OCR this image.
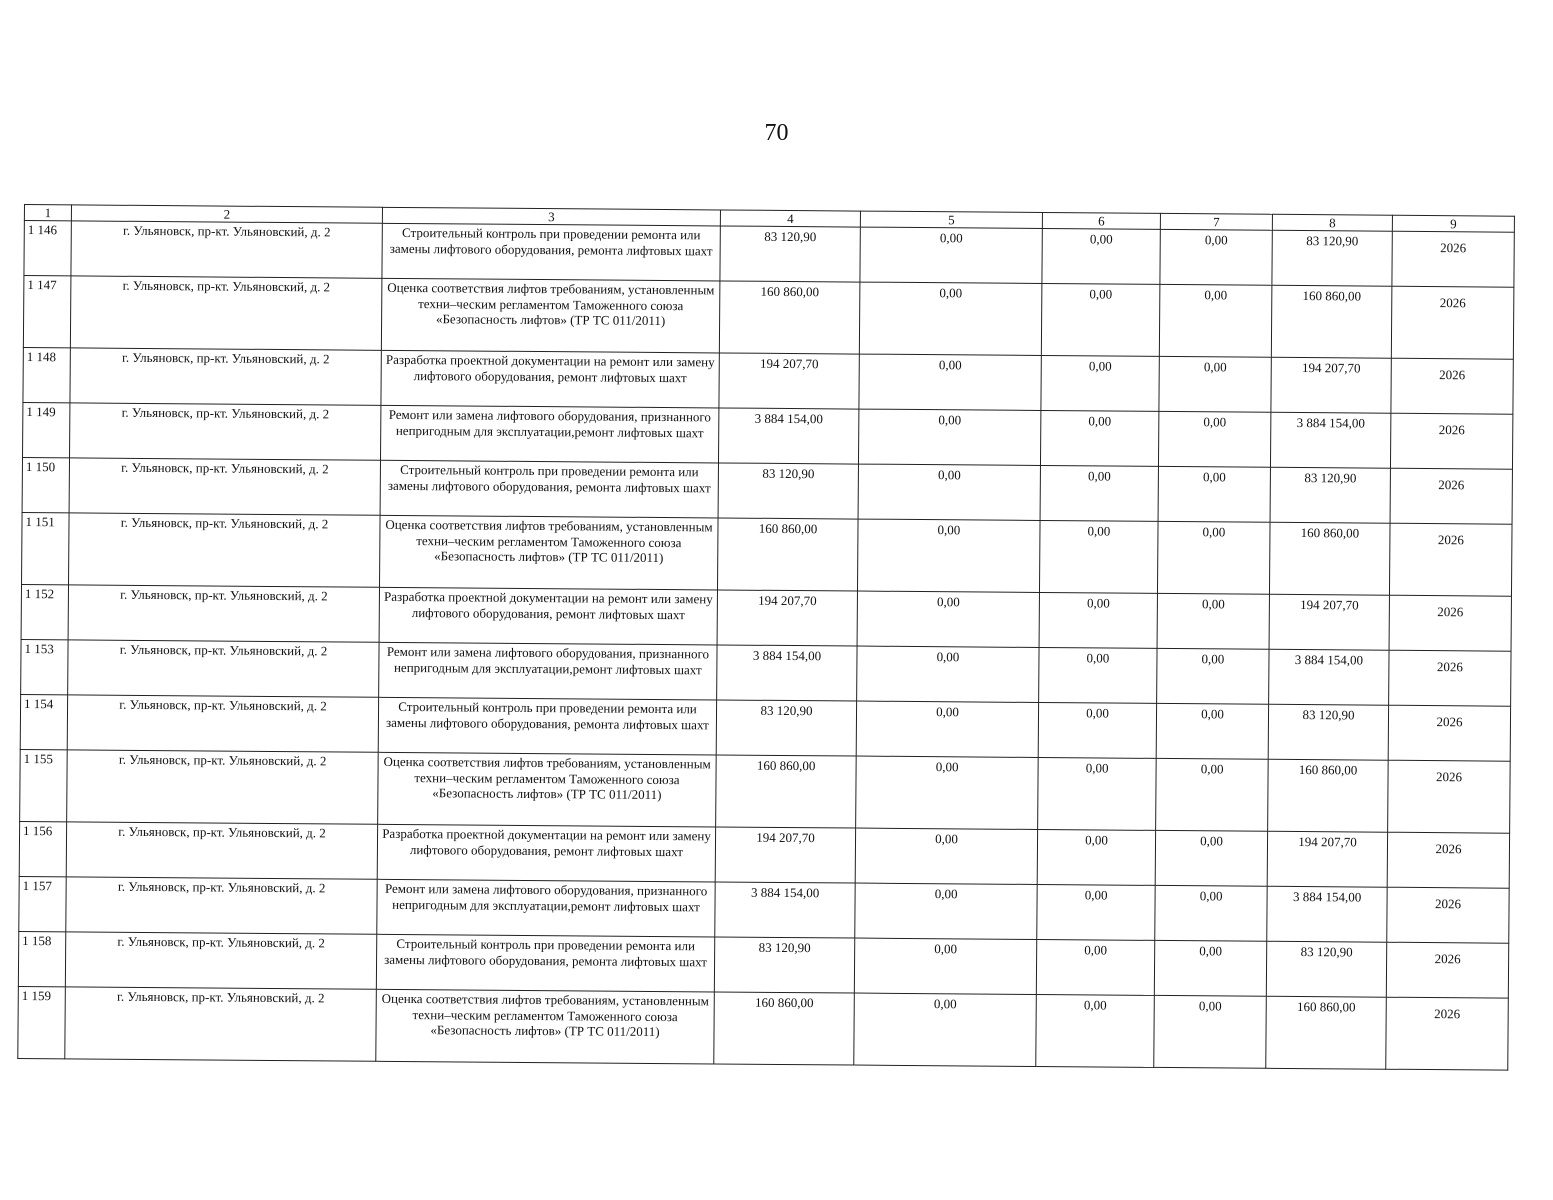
70
1	2	3	4	5	6	7	8	9
1 146	г. Ульяновск, пр-кт. Ульяновский, д. 2	Строительный контроль при проведении ремонта или замены лифтового оборудования, ремонта лифтовых шахт	83 120,90	0,00	0,00	0,00	83 120,90	2026
1 147	г. Ульяновск, пр-кт. Ульяновский, д. 2	Оценка соответствия лифтов требованиям, установленным техни–ческим регламентом Таможенного союза «Безопасность лифтов» (ТР ТС 011/2011)	160 860,00	0,00	0,00	0,00	160 860,00	2026
1 148	г. Ульяновск, пр-кт. Ульяновский, д. 2	Разработка проектной документации на ремонт или замену лифтового оборудования, ремонт лифтовых шахт	194 207,70	0,00	0,00	0,00	194 207,70	2026
1 149	г. Ульяновск, пр-кт. Ульяновский, д. 2	Ремонт или замена лифтового оборудования, признанного непригодным для эксплуатации,ремонт лифтовых шахт	3 884 154,00	0,00	0,00	0,00	3 884 154,00	2026
1 150	г. Ульяновск, пр-кт. Ульяновский, д. 2	Строительный контроль при проведении ремонта или замены лифтового оборудования, ремонта лифтовых шахт	83 120,90	0,00	0,00	0,00	83 120,90	2026
1 151	г. Ульяновск, пр-кт. Ульяновский, д. 2	Оценка соответствия лифтов требованиям, установленным техни–ческим регламентом Таможенного союза «Безопасность лифтов» (ТР ТС 011/2011)	160 860,00	0,00	0,00	0,00	160 860,00	2026
1 152	г. Ульяновск, пр-кт. Ульяновский, д. 2	Разработка проектной документации на ремонт или замену лифтового оборудования, ремонт лифтовых шахт	194 207,70	0,00	0,00	0,00	194 207,70	2026
1 153	г. Ульяновск, пр-кт. Ульяновский, д. 2	Ремонт или замена лифтового оборудования, признанного непригодным для эксплуатации,ремонт лифтовых шахт	3 884 154,00	0,00	0,00	0,00	3 884 154,00	2026
1 154	г. Ульяновск, пр-кт. Ульяновский, д. 2	Строительный контроль при проведении ремонта или замены лифтового оборудования, ремонта лифтовых шахт	83 120,90	0,00	0,00	0,00	83 120,90	2026
1 155	г. Ульяновск, пр-кт. Ульяновский, д. 2	Оценка соответствия лифтов требованиям, установленным техни–ческим регламентом Таможенного союза «Безопасность лифтов» (ТР ТС 011/2011)	160 860,00	0,00	0,00	0,00	160 860,00	2026
1 156	г. Ульяновск, пр-кт. Ульяновский, д. 2	Разработка проектной документации на ремонт или замену лифтового оборудования, ремонт лифтовых шахт	194 207,70	0,00	0,00	0,00	194 207,70	2026
1 157	г. Ульяновск, пр-кт. Ульяновский, д. 2	Ремонт или замена лифтового оборудования, признанного непригодным для эксплуатации,ремонт лифтовых шахт	3 884 154,00	0,00	0,00	0,00	3 884 154,00	2026
1 158	г. Ульяновск, пр-кт. Ульяновский, д. 2	Строительный контроль при проведении ремонта или замены лифтового оборудования, ремонта лифтовых шахт	83 120,90	0,00	0,00	0,00	83 120,90	2026
1 159	г. Ульяновск, пр-кт. Ульяновский, д. 2	Оценка соответствия лифтов требованиям, установленным техни–ческим регламентом Таможенного союза «Безопасность лифтов» (ТР ТС 011/2011)	160 860,00	0,00	0,00	0,00	160 860,00	2026
